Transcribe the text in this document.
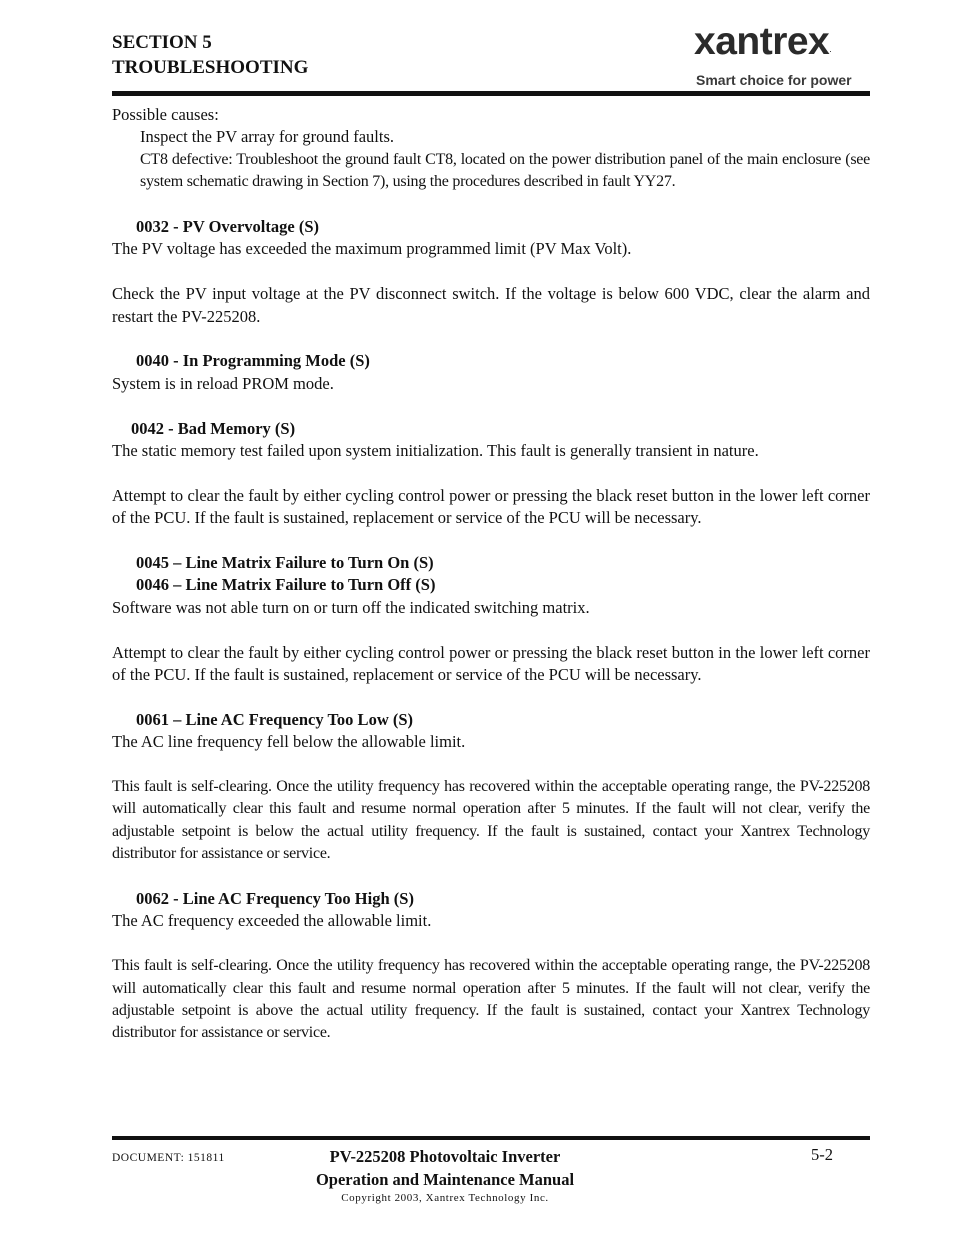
SECTION 5
TROUBLESHOOTING
xantrex.
Smart choice for power

Possible causes:

Inspect the PV array for ground faults.

CT8 defective: Troubleshoot the ground fault CT8, located on the power distribution panel of the main enclosure (see system schematic drawing in Section 7), using the procedures described in fault YY27.

0032 - PV Overvoltage (S)

The PV voltage has exceeded the maximum programmed limit (PV Max Volt).

Check the PV input voltage at the PV disconnect switch. If the voltage is below 600 VDC, clear the alarm and restart the PV-225208.

0040 - In Programming Mode (S)

System is in reload PROM mode.

0042 - Bad Memory (S)

The static memory test failed upon system initialization. This fault is generally transient in nature.

Attempt to clear the fault by either cycling control power or pressing the black reset button in the lower left corner of the PCU. If the fault is sustained, replacement or service of the PCU will be necessary.

0045 – Line Matrix Failure to Turn On (S)

0046 – Line Matrix Failure to Turn Off (S)

Software was not able turn on or turn off the indicated switching matrix.

Attempt to clear the fault by either cycling control power or pressing the black reset button in the lower left corner of the PCU. If the fault is sustained, replacement or service of the PCU will be necessary.

0061 – Line AC Frequency Too Low (S)

The AC line frequency fell below the allowable limit.

This fault is self-clearing. Once the utility frequency has recovered within the acceptable operating range, the PV-225208 will automatically clear this fault and resume normal operation after 5 minutes. If the fault will not clear, verify the adjustable setpoint is below the actual utility frequency. If the fault is sustained, contact your Xantrex Technology distributor for assistance or service.

0062 - Line AC Frequency Too High (S)

The AC frequency exceeded the allowable limit.

This fault is self-clearing. Once the utility frequency has recovered within the acceptable operating range, the PV-225208 will automatically clear this fault and resume normal operation after 5 minutes. If the fault will not clear, verify the adjustable setpoint is above the actual utility frequency. If the fault is sustained, contact your Xantrex Technology distributor for assistance or service.

DOCUMENT: 151811	PV-225208 Photovoltaic Inverter
Operation and Maintenance Manual
Copyright 2003, Xantrex Technology Inc.
5-2
